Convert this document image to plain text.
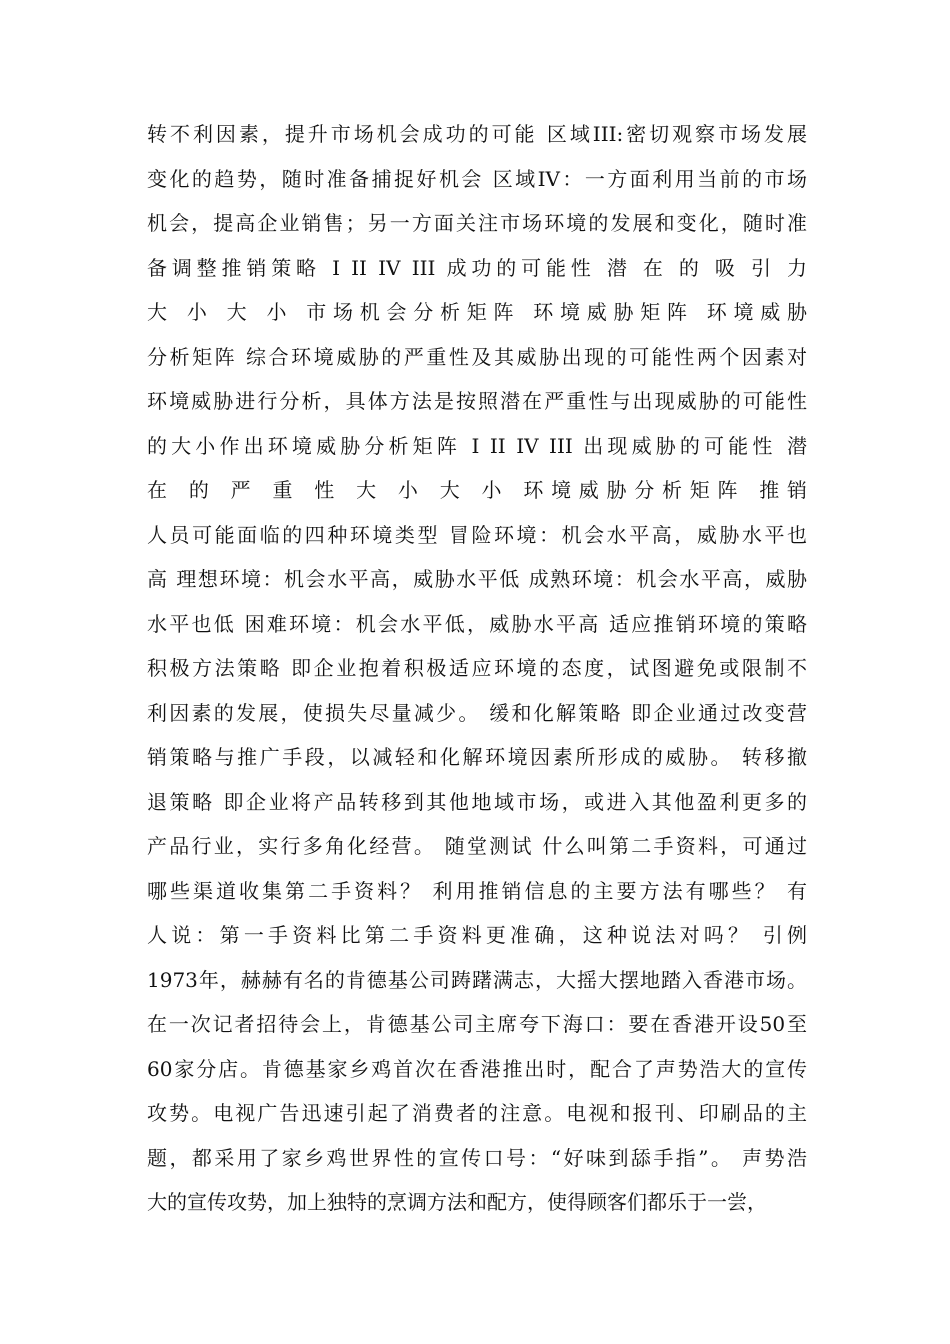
转不利因素，提升市场机会成功的可能 区域III:密切观察市场发展
变化的趋势，随时准备捕捉好机会 区域IV：一方面利用当前的市场
机会，提高企业销售；另一方面关注市场环境的发展和变化，随时准
备调整推销策略 I II IV III 成功的可能性 潜 在 的 吸 引 力
大 小 大 小 市场机会分析矩阵 环境威胁矩阵 环境威胁
分析矩阵 综合环境威胁的严重性及其威胁出现的可能性两个因素对
环境威胁进行分析，具体方法是按照潜在严重性与出现威胁的可能性
的大小作出环境威胁分析矩阵 I II IV III 出现威胁的可能性 潜
在 的 严 重 性 大 小 大 小 环境威胁分析矩阵 推销
人员可能面临的四种环境类型 冒险环境：机会水平高，威胁水平也
高 理想环境：机会水平高，威胁水平低 成熟环境：机会水平高，威胁
水平也低 困难环境：机会水平低，威胁水平高 适应推销环境的策略
积极方法策略 即企业抱着积极适应环境的态度，试图避免或限制不
利因素的发展，使损失尽量减少。 缓和化解策略 即企业通过改变营
销策略与推广手段，以减轻和化解环境因素所形成的威胁。 转移撤
退策略 即企业将产品转移到其他地域市场，或进入其他盈利更多的
产品行业，实行多角化经营。 随堂测试 什么叫第二手资料，可通过
哪些渠道收集第二手资料？ 利用推销信息的主要方法有哪些？ 有
人说：第一手资料比第二手资料更准确，这种说法对吗？ 引例
1973年，赫赫有名的肯德基公司踌躇满志，大摇大摆地踏入香港市场。
在一次记者招待会上，肯德基公司主席夸下海口：要在香港开设50至
60家分店。肯德基家乡鸡首次在香港推出时，配合了声势浩大的宣传
攻势。电视广告迅速引起了消费者的注意。电视和报刊、印刷品的主
题，都采用了家乡鸡世界性的宣传口号：“好味到舔手指”。 声势浩
大的宣传攻势，加上独特的烹调方法和配方，使得顾客们都乐于一尝，
